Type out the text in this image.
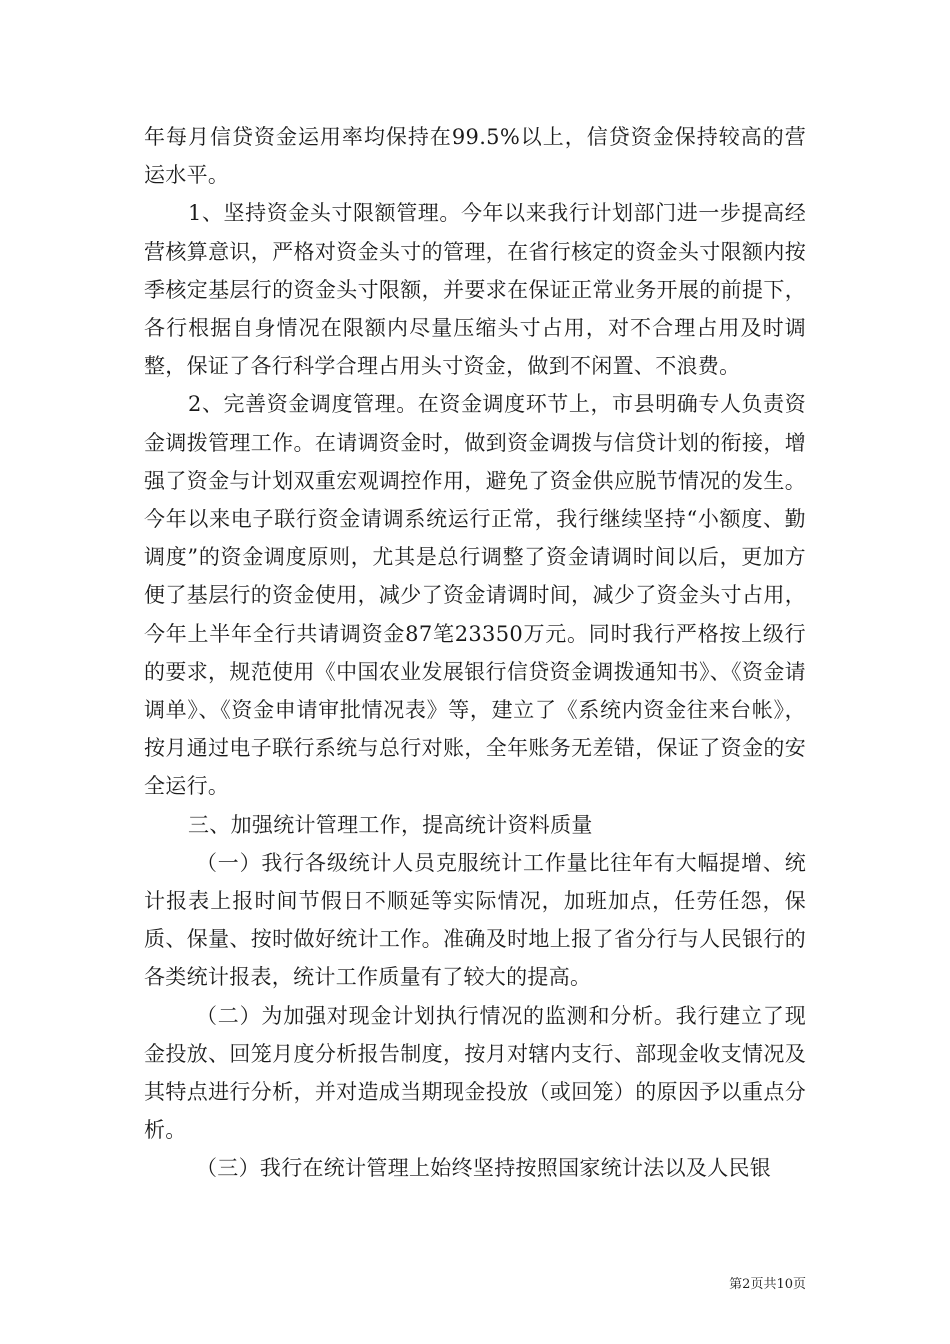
年每月信贷资金运用率均保持在99.5%以上，信贷资金保持较高的营运水平。

1、坚持资金头寸限额管理。今年以来我行计划部门进一步提高经营核算意识，严格对资金头寸的管理，在省行核定的资金头寸限额内按季核定基层行的资金头寸限额，并要求在保证正常业务开展的前提下，各行根据自身情况在限额内尽量压缩头寸占用，对不合理占用及时调整，保证了各行科学合理占用头寸资金，做到不闲置、不浪费。

2、完善资金调度管理。在资金调度环节上，市县明确专人负责资金调拨管理工作。在请调资金时，做到资金调拨与信贷计划的衔接，增强了资金与计划双重宏观调控作用，避免了资金供应脱节情况的发生。今年以来电子联行资金请调系统运行正常，我行继续坚持“小额度、勤调度”的资金调度原则，尤其是总行调整了资金请调时间以后，更加方便了基层行的资金使用，减少了资金请调时间，减少了资金头寸占用，今年上半年全行共请调资金87笔23350万元。同时我行严格按上级行的要求，规范使用《中国农业发展银行信贷资金调拨通知书》、《资金请调单》、《资金申请审批情况表》等，建立了《系统内资金往来台帐》，按月通过电子联行系统与总行对账，全年账务无差错，保证了资金的安全运行。

三、加强统计管理工作，提高统计资料质量

（一）我行各级统计人员克服统计工作量比往年有大幅提增、统计报表上报时间节假日不顺延等实际情况，加班加点，任劳任怨，保质、保量、按时做好统计工作。准确及时地上报了省分行与人民银行的各类统计报表，统计工作质量有了较大的提高。

（二）为加强对现金计划执行情况的监测和分析。我行建立了现金投放、回笼月度分析报告制度，按月对辖内支行、部现金收支情况及其特点进行分析，并对造成当期现金投放（或回笼）的原因予以重点分析。

（三）我行在统计管理上始终坚持按照国家统计法以及人民银

第2页共10页
